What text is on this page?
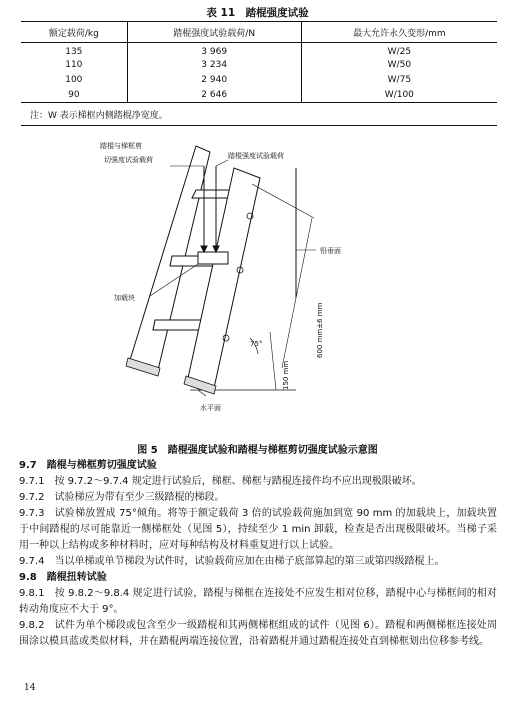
表 11　踏棍强度试验
额定载荷/kg	踏棍强度试验载荷/N	最大允许永久变形/mm
135	3 969	W/25
110	3 234	W/50
100	2 940	W/75
90	2 646	W/100
注：W 表示梯框内侧踏棍净宽度。		
踏棍与梯框剪
切强度试验载荷	踏棍强度试验载荷
铅垂面
加载块
75°	600 mm±6 mm
150 mm
水平面
图 5　踏棍强度试验和踏棍与梯框剪切强度试验示意图

9.7　踏棍与梯框剪切强度试验

9.7.1　按 9.7.2～9.7.4 规定进行试验后，梯框、梯框与踏棍连接件均不应出现极限破坏。

9.7.2　试验梯应为带有至少三级踏棍的梯段。

9.7.3　试验梯放置成 75°倾角。将等于额定载荷 3 倍的试验载荷施加到宽 90 mm 的加载块上，加载块置于中间踏棍的尽可能靠近一侧梯框处（见图 5），持续至少 1 min 卸载，检查是否出现极限破坏。当梯子采用一种以上结构或多种材料时，应对每种结构及材料重复进行以上试验。

9.7.4　当以单梯或单节梯段为试件时，试验载荷应加在由梯子底部算起的第三或第四级踏棍上。

9.8　踏棍扭转试验

9.8.1　按 9.8.2～9.8.4 规定进行试验，踏棍与梯框在连接处不应发生相对位移，踏棍中心与梯框间的相对转动角度应不大于 9°。

9.8.2　试件为单个梯段或包含至少一级踏棍和其两侧梯框组成的试件（见图 6）。踏棍和两侧梯框连接处周围涂以模具蓝或类似材料，并在踏棍两端连接位置，沿着踏棍并通过踏棍连接处直到梯框划出位移参考线。

14
